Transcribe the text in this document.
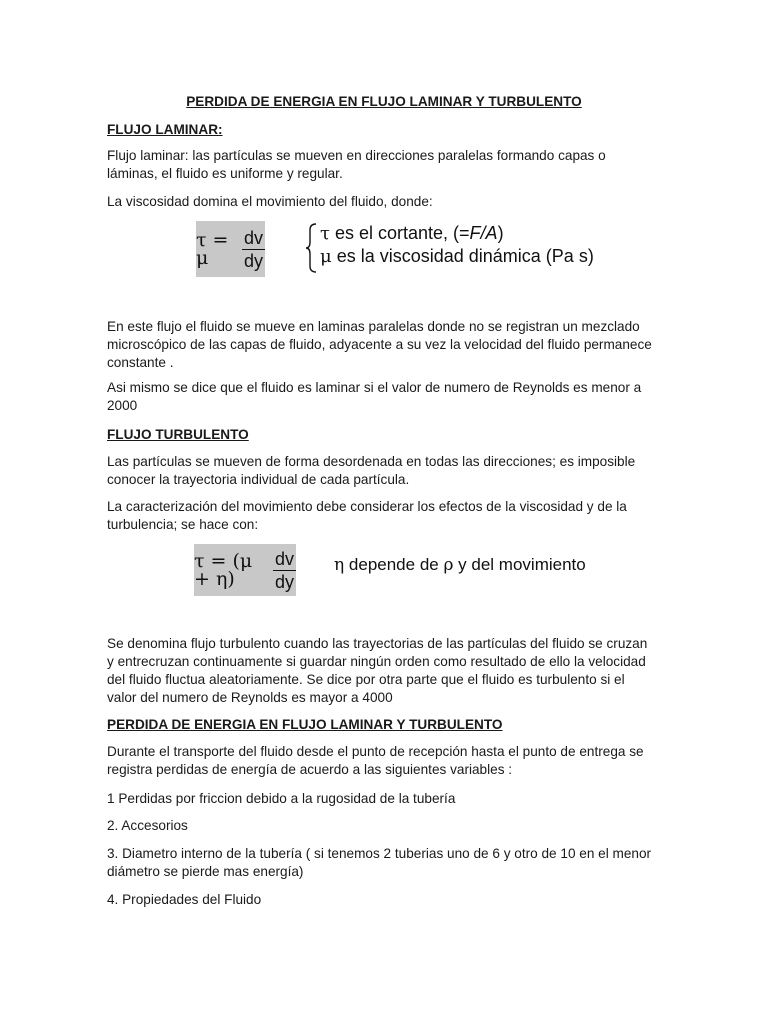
PERDIDA DE ENERGIA EN FLUJO LAMINAR Y TURBULENTO

FLUJO LAMINAR:

Flujo laminar: las partículas se mueven en direcciones paralelas formando capas o
láminas, el fluido es uniforme y regular.

La viscosidad domina el movimiento del fluido, donde:

τ = μ	$\frac{dv}{dy}$	τ es el cortante, (=F/A)
μ es la viscosidad dinámica (Pa s)
En este flujo el fluido se mueve en laminas paralelas donde no se registran un mezclado
microscópico de las capas de fluido, adyacente a su vez la velocidad del fluido permanece
constante .
Asi mismo se dice que el fluido es laminar si el valor de numero de Reynolds es menor a
2000

FLUJO TURBULENTO

Las partículas se mueven de forma desordenada en todas las direcciones; es imposible
conocer la trayectoria individual de cada partícula.
La caracterización del movimiento debe considerar los efectos de la viscosidad y de la
turbulencia; se hace con:
τ = (μ + η)	$\frac{dv}{dy}$ η depende de ρ y del movimiento
Se denomina flujo turbulento cuando las trayectorias de las partículas del fluido se cruzan
y entrecruzan continuamente si guardar ningún orden como resultado de ello la velocidad
del fluido fluctua aleatoriamente. Se dice por otra parte que el fluido es turbulento si el
valor del numero de Reynolds es mayor a 4000

PERDIDA DE ENERGIA EN FLUJO LAMINAR Y TURBULENTO

Durante el transporte del fluido desde el punto de recepción hasta el punto de entrega se
registra perdidas de energía de acuerdo a las siguientes variables :

1 Perdidas por friccion debido a la rugosidad de la tubería

2. Accesorios

3. Diametro interno de la tubería ( si tenemos 2 tuberias uno de 6 y otro de 10 en el menor
diámetro se pierde mas energía)

4. Propiedades del Fluido
